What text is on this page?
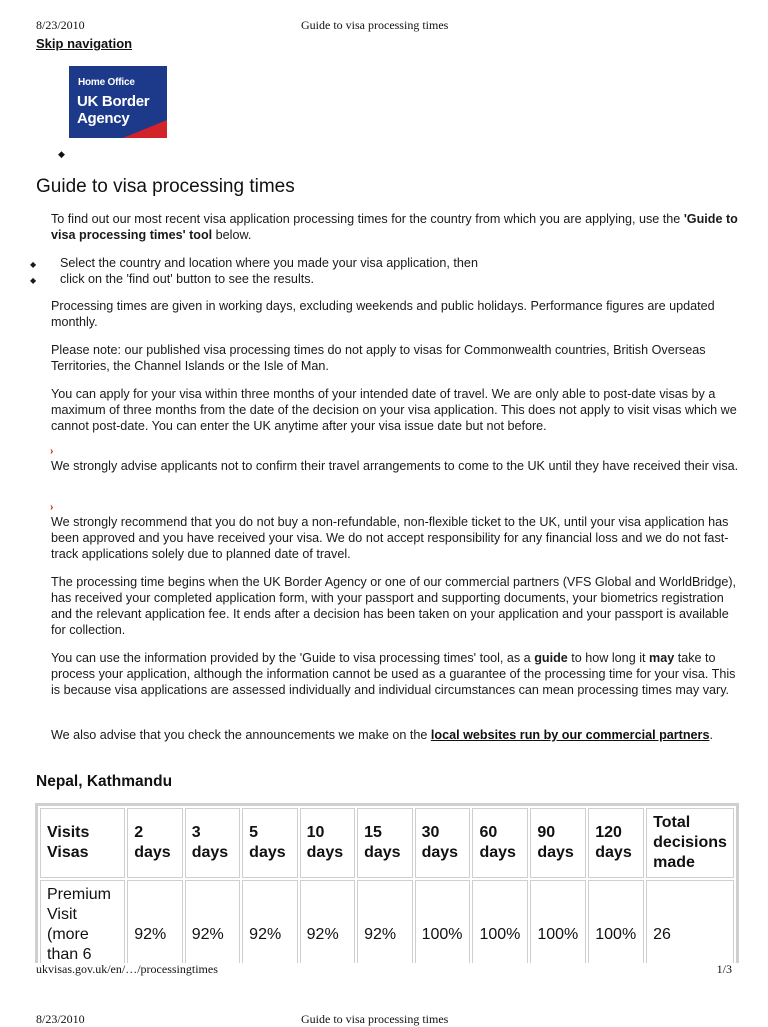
8/23/2010	Guide to visa processing times
Skip navigation
Home Office
UK Border
Agency
◆
Guide to visa processing times

To find out our most recent visa application processing times for the country from which you are applying, use the 'Guide to visa processing times' tool below.

◆ Select the country and location where you made your visa application, then
◆ click on the 'find out' button to see the results.

Processing times are given in working days, excluding weekends and public holidays. Performance figures are updated monthly.

Please note: our published visa processing times do not apply to visas for Commonwealth countries, British Overseas Territories, the Channel Islands or the Isle of Man.

You can apply for your visa within three months of your intended date of travel. We are only able to post-date visas by a maximum of three months from the date of the decision on your visa application. This does not apply to visit visas which we cannot post-date. You can enter the UK anytime after your visa issue date but not before.

›

We strongly advise applicants not to confirm their travel arrangements to come to the UK until they have received their visa.

›

We strongly recommend that you do not buy a non-refundable, non-flexible ticket to the UK, until your visa application has been approved and you have received your visa. We do not accept responsibility for any financial loss and we do not fast-track applications solely due to planned date of travel.

The processing time begins when the UK Border Agency or one of our commercial partners (VFS Global and WorldBridge), has received your completed application form, with your passport and supporting documents, your biometrics registration and the relevant application fee. It ends after a decision has been taken on your application and your passport is available for collection.

You can use the information provided by the 'Guide to visa processing times' tool, as a guide to how long it may take to process your application, although the information cannot be used as a guarantee of the processing time for your visa. This is because visa applications are assessed individually and individual circumstances can mean processing times may vary.

We also advise that you check the announcements we make on the local websites run by our commercial partners.

Nepal, Kathmandu
Visits Visas	2 days	3 days	5 days	10 days	15 days	30 days	60 days	90 days	120 days	Total decisions made
Premium Visit (more than 6	92%	92%	92%	92%	92%	100%	100%	100%	100%	26
ukvisas.gov.uk/en/…/processingtimes	1/3
8/23/2010	Guide to visa processing times
